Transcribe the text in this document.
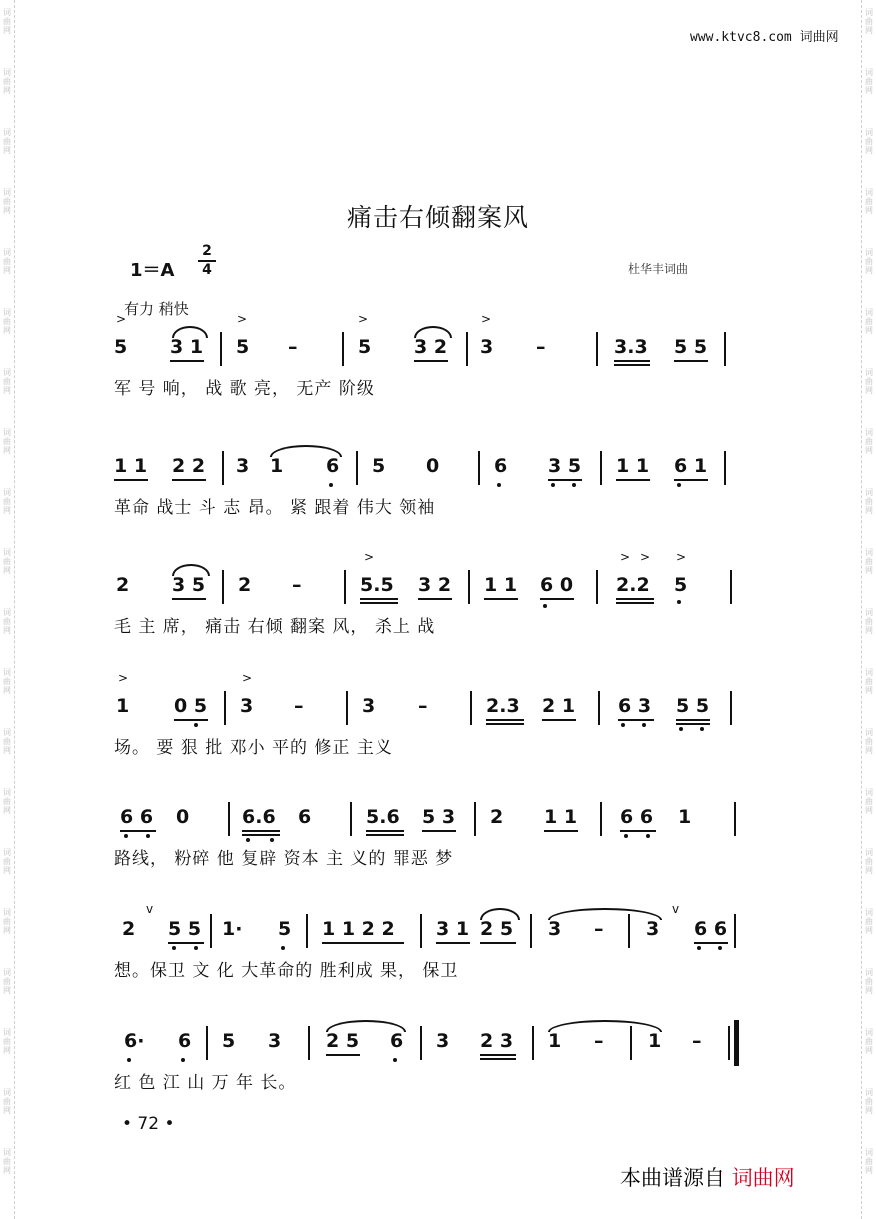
词
曲
网
词
曲
网
词
曲
网
词
曲
网
词
曲
网
词
曲
网
词
曲
网
词
曲
网
词
曲
网
词
曲
网
词
曲
网
词
曲
网
词
曲
网
词
曲
网
词
曲
网
词
曲
网
词
曲
网
词
曲
网
词
曲
网
词
曲
网
词
曲
网
词
曲
网
词
曲
网
词
曲
网
词
曲
网
词
曲
网
词
曲
网
词
曲
网
词
曲
网
词
曲
网
词
曲
网
词
曲
网
词
曲
网
词
曲
网
词
曲
网
词
曲
网
词
曲
网
词
曲
网
词
曲
网
词
曲
网
www.ktvc8.com 词曲网
痛击右倾翻案风
1＝A
2
4	杜华丰词曲
有力 稍快
>	>	>	>
5 3 1 5 –	5 3 2 3 –	3.3 5 5
军 号 响， 战 歌 亮， 无产 阶级
1 1 2 2 3 1 6 5 0	6 3 5 1 1 6 1
革命 战士 斗 志 昂。 紧 跟着 伟大 领袖
>	> > >
2 3 5 2 –	5.5 3 2 1 1 6 0 2.2 5
毛 主 席， 痛击 右倾 翻案 风， 杀上 战
>	>
1 0 5 3 –	3 –	2.3 2 1 6 3 5 5
场。 要 狠 批 邓小 平的 修正 主义
6 6 0	6.6 6	5.6 5 3 2 1 1 6 6 1
路线， 粉碎 他 复辟 资本 主 义的 罪恶 梦
v	v
2 5 5 1· 5 1 1 2 2 3 1 2 5 3 – 3 6 6
想。保卫 文 化 大革命的 胜利成 果， 保卫
6· 6 5 3 2 5 6 3 2 3 1 – 1 –
红 色 江 山 万 年 长。
• 72 •
本曲谱源自 词曲网
